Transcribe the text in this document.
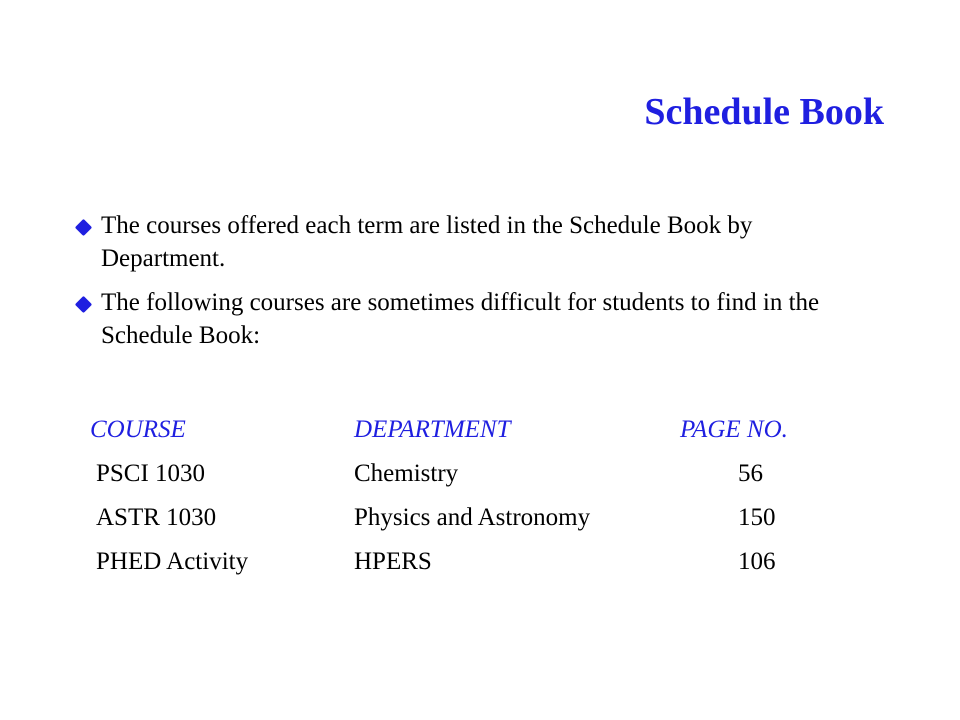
Schedule Book
The courses offered each term are listed in the Schedule Book by Department.
The following courses are sometimes difficult for students to find in the Schedule Book:
COURSE	DEPARTMENT	PAGE NO.
PSCI 1030	Chemistry	56
ASTR 1030	Physics and Astronomy	150
PHED Activity	HPERS	106
